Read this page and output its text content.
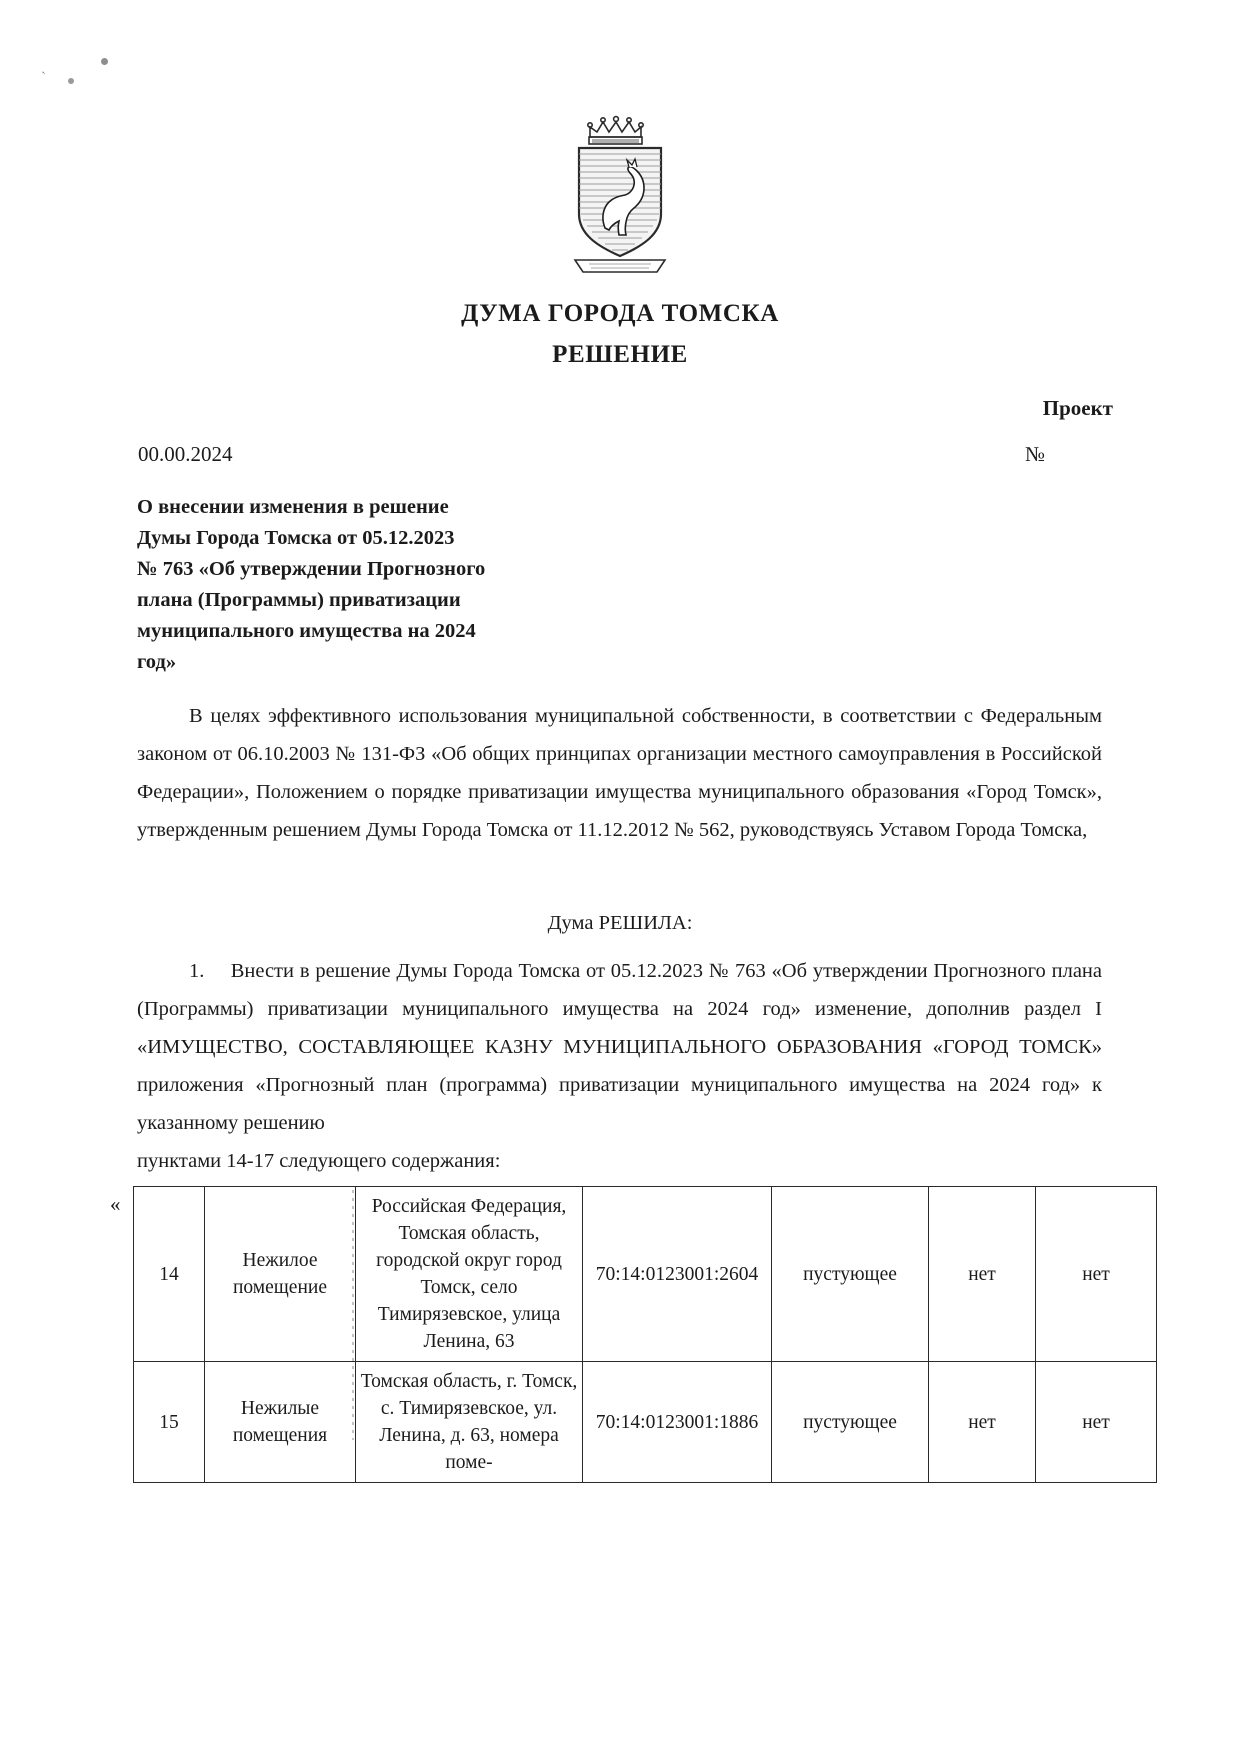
ˋ
ДУМА ГОРОДА ТОМСКА
РЕШЕНИЕ
Проект
00.00.2024	№
О внесении изменения в решение
Думы Города Томска от 05.12.2023
№ 763 «Об утверждении Прогнозного
плана (Программы) приватизации
муниципального имущества на 2024
год»

В целях эффективного использования муниципальной собственности, в соответствии с Федеральным законом от 06.10.2003 № 131-ФЗ «Об общих принципах организации местного самоуправления в Российской Федерации», Положением о порядке приватизации имущества муниципального образования «Город Томск», утвержденным решением Думы Города Томска от 11.12.2012 № 562, руководствуясь Уставом Города Томска,

Дума РЕШИЛА:

1.  Внести в решение Думы Города Томска от 05.12.2023 № 763 «Об утверждении Прогнозного плана (Программы) приватизации муниципального имущества на 2024 год» изменение, дополнив раздел I «ИМУЩЕСТВО, СОСТАВЛЯЮЩЕЕ КАЗНУ МУНИЦИПАЛЬНОГО ОБРАЗОВАНИЯ «ГОРОД ТОМСК» приложения «Прогнозный план (программа) приватизации муниципального имущества на 2024 год» к указанному решению

пунктами 14-17 следующего содержания:

«
14	Нежилое помещение	Российская Федерация, Томская область, городской округ город Томск, село Тимирязевское, улица Ленина, 63	70:14:0123001:2604	пустующее	нет	нет
15	Нежилые помещения	Томская область, г. Томск, с. Тимирязевское, ул. Ленина, д. 63, номера поме-	70:14:0123001:1886	пустующее	нет	нет
